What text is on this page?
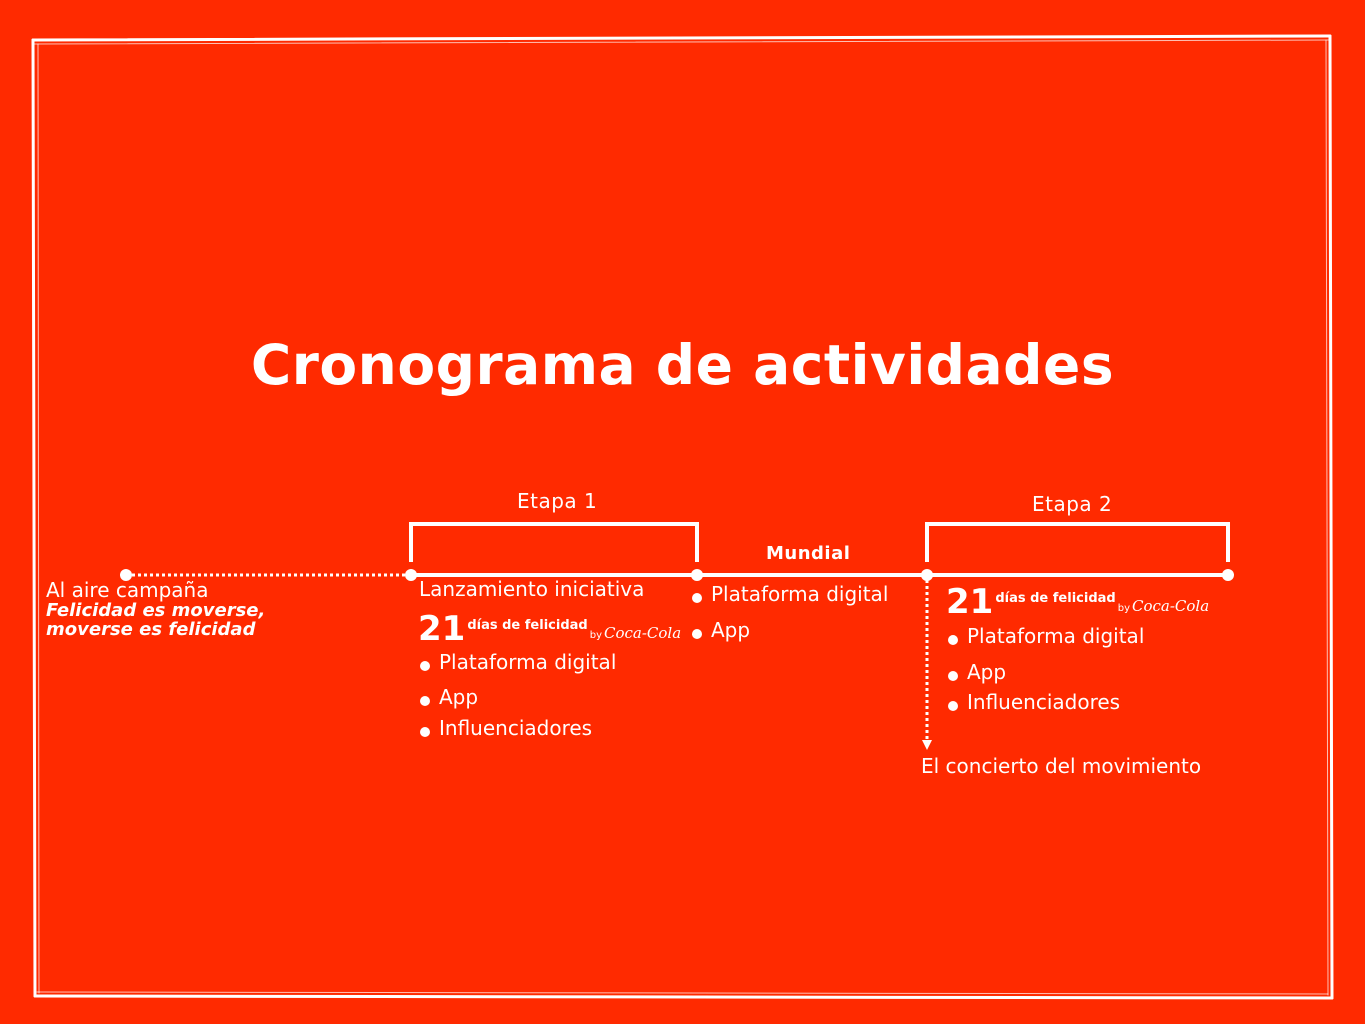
Cronograma de actividades
Etapa 1	Etapa 2
Mundial
Al aire campaña
Felicidad es moverse,
moverse es felicidad
Lanzamiento iniciativa
21 días de felicidad
by Coca-Cola
Plataforma digital
App
Influenciadores
Plataforma digital
App
21 días de felicidad
by Coca-Cola
Plataforma digital
App
Influenciadores
El concierto del movimiento
